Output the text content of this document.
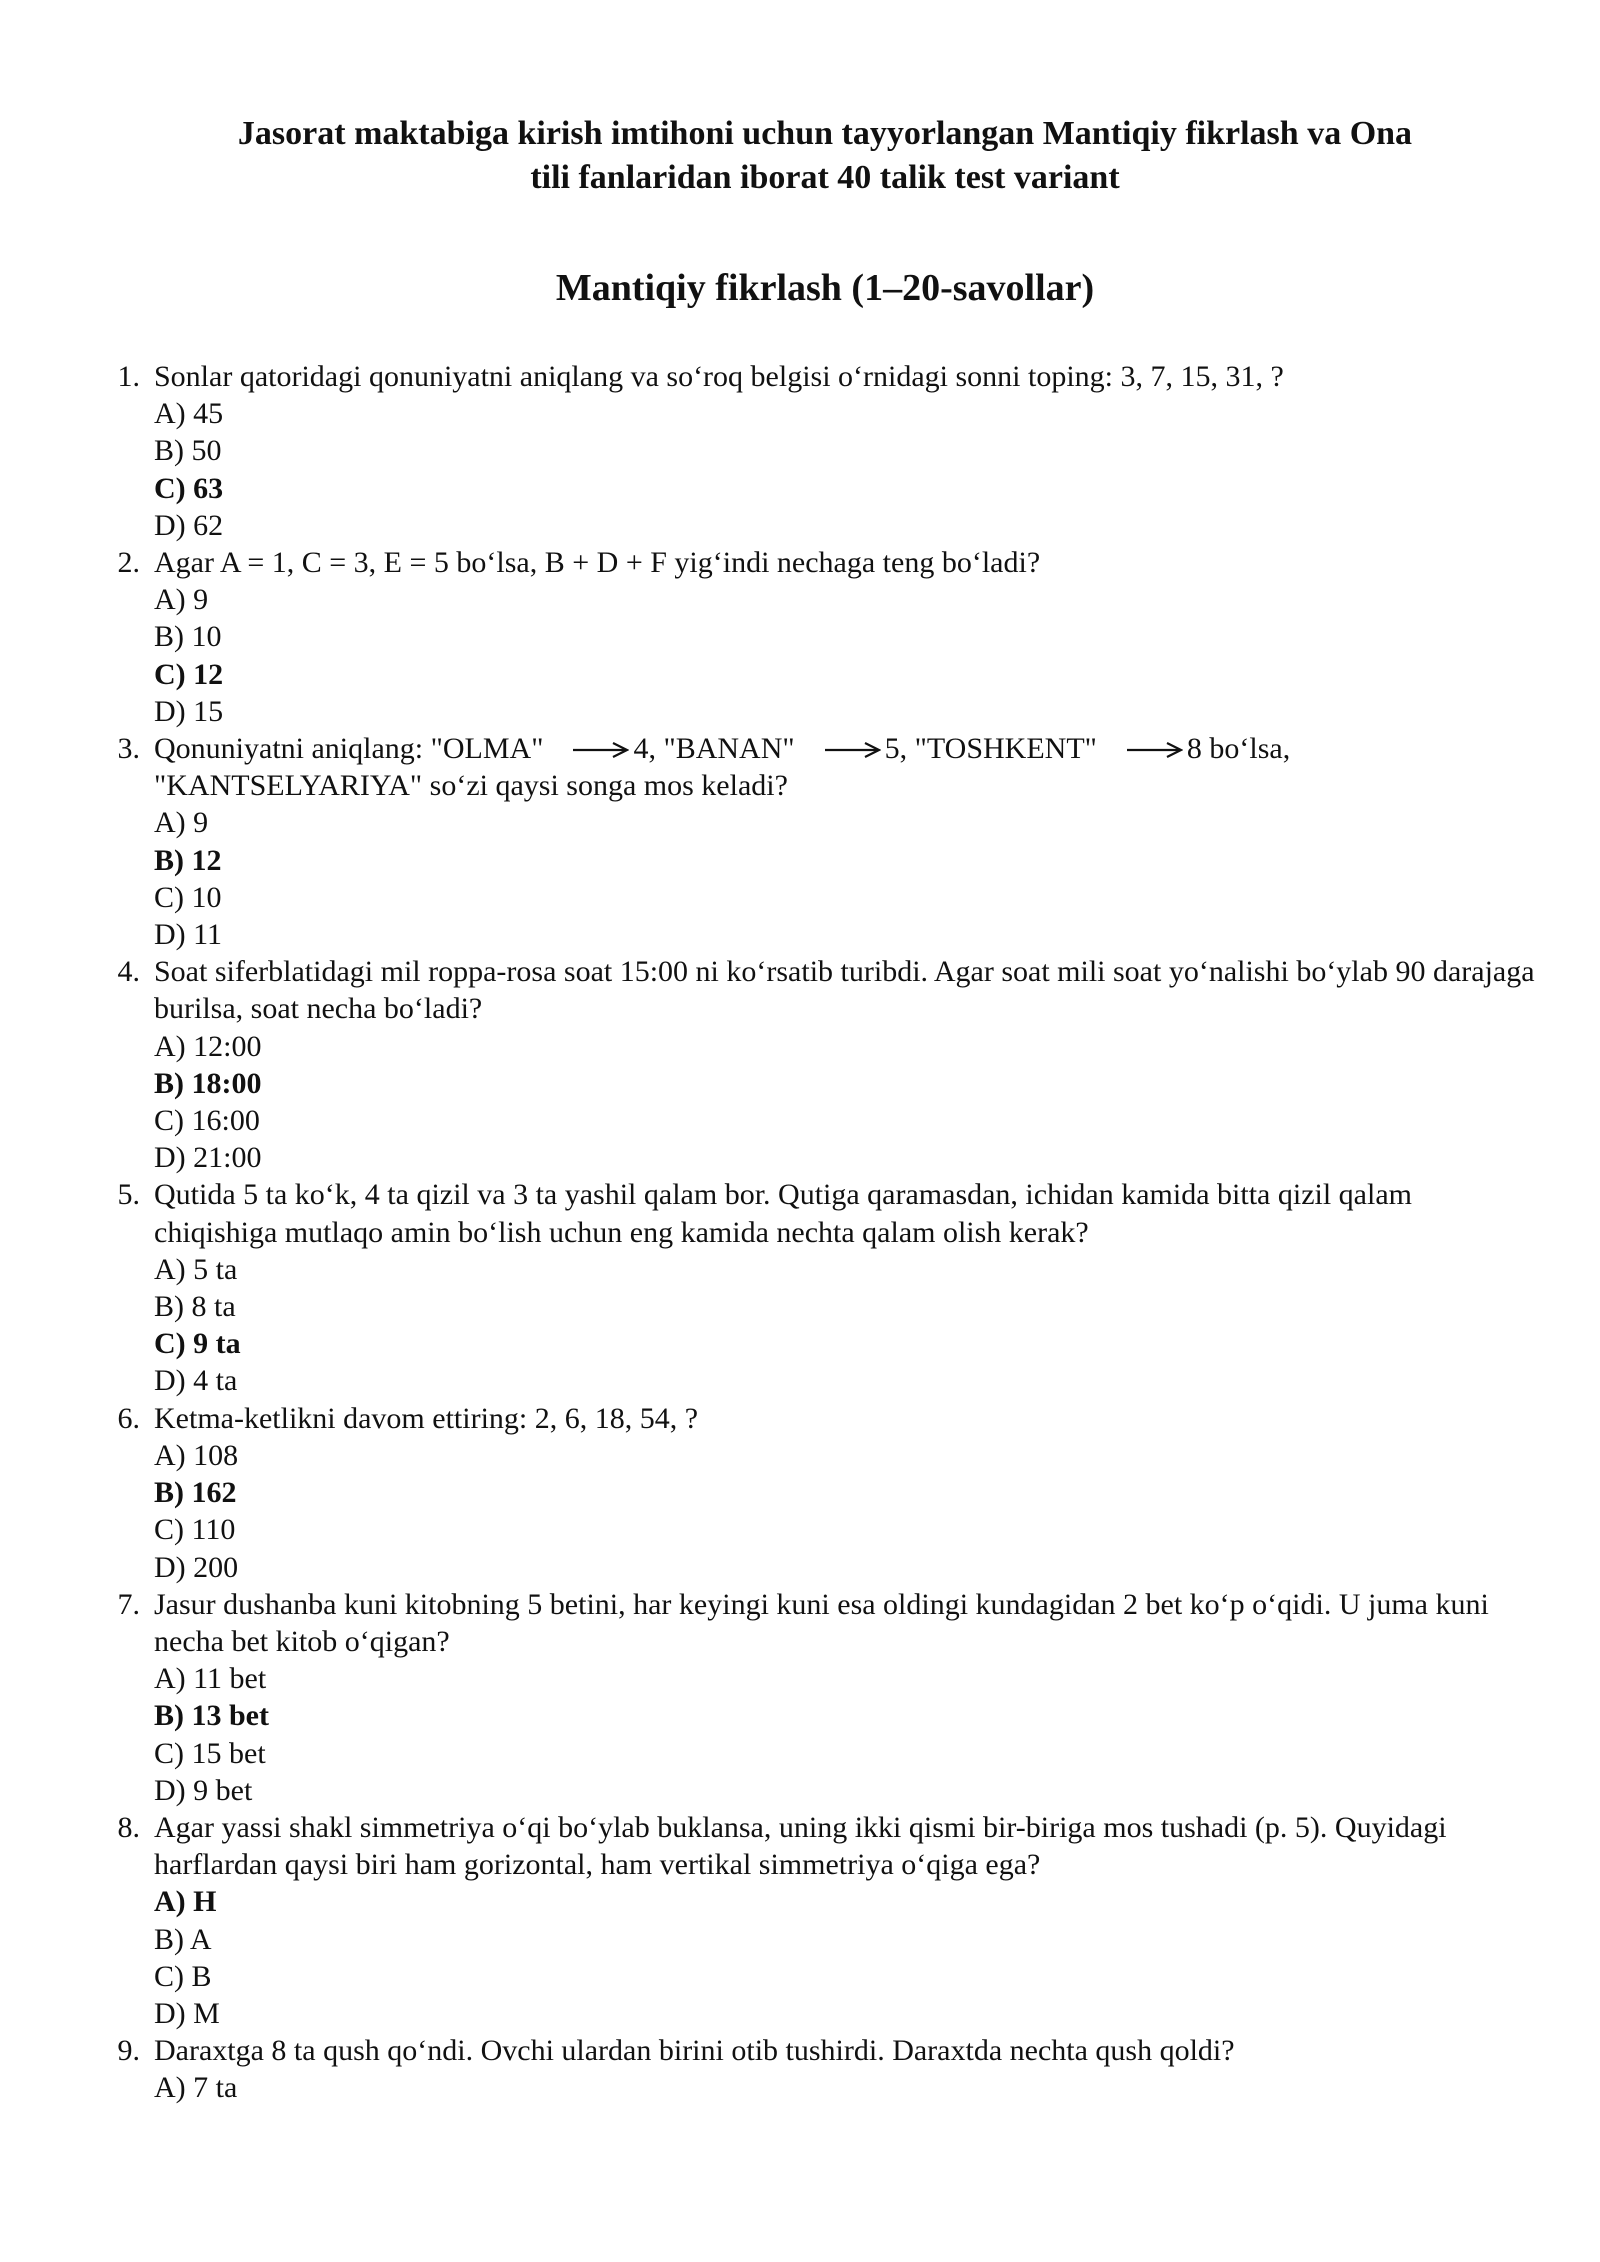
Jasorat maktabiga kirish imtihoni uchun tayyorlangan Mantiqiy fikrlash va Ona
tili fanlaridan iborat 40 talik test variant
Mantiqiy fikrlash (1–20-savollar)
1. Sonlar qatoridagi qonuniyatni aniqlang va so‘roq belgisi o‘rnidagi sonni toping: 3, 7, 15, 31, ?
A) 45
B) 50
C) 63
D) 62
2. Agar A = 1, C = 3, E = 5 bo‘lsa, B + D + F yig‘indi nechaga teng bo‘ladi?
A) 9
B) 10
C) 12
D) 15
3. Qonuniyatni aniqlang: "OLMA"	4, "BANAN"	5, "TOSHKENT"	8 bo‘lsa,
"KANTSELYARIYA" so‘zi qaysi songa mos keladi?
A) 9
B) 12
C) 10
D) 11
4. Soat siferblatidagi mil roppa-rosa soat 15:00 ni ko‘rsatib turibdi. Agar soat mili soat yo‘nalishi bo‘ylab 90 darajaga burilsa, soat necha bo‘ladi?
A) 12:00
B) 18:00
C) 16:00
D) 21:00
5. Qutida 5 ta ko‘k, 4 ta qizil va 3 ta yashil qalam bor. Qutiga qaramasdan, ichidan kamida bitta qizil qalam chiqishiga mutlaqo amin bo‘lish uchun eng kamida nechta qalam olish kerak?
A) 5 ta
B) 8 ta
C) 9 ta
D) 4 ta
6. Ketma-ketlikni davom ettiring: 2, 6, 18, 54, ?
A) 108
B) 162
C) 110
D) 200
7. Jasur dushanba kuni kitobning 5 betini, har keyingi kuni esa oldingi kundagidan 2 bet ko‘p o‘qidi. U juma kuni necha bet kitob o‘qigan?
A) 11 bet
B) 13 bet
C) 15 bet
D) 9 bet
8. Agar yassi shakl simmetriya o‘qi bo‘ylab buklansa, uning ikki qismi bir-biriga mos tushadi (p. 5). Quyidagi harflardan qaysi biri ham gorizontal, ham vertikal simmetriya o‘qiga ega?
A) H
B) A
C) B
D) M
9. Daraxtga 8 ta qush qo‘ndi. Ovchi ulardan birini otib tushirdi. Daraxtda nechta qush qoldi?
A) 7 ta
